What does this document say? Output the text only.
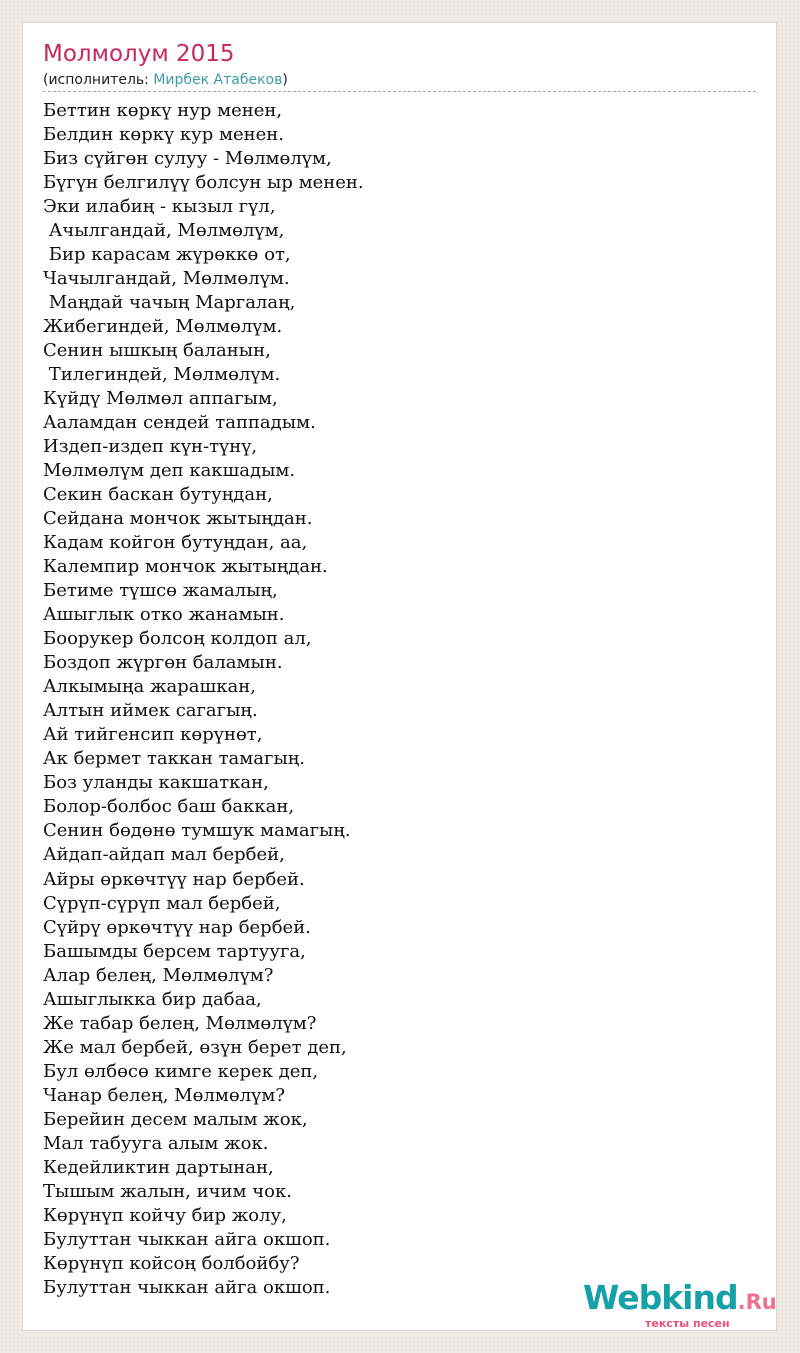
Молмолум 2015
(исполнитель: Мирбек Атабеков)
Беттин көркү нур менен,
Белдин көркү кур менен.
Биз сүйгөн сулуу - Мөлмөлүм,
Бүгүн белгилүү болсун ыр менен.
Эки илабиң - кызыл гүл,
Ачылгандай, Мөлмөлүм,
Бир карасам жүрөккө от,
Чачылгандай, Мөлмөлүм.
Маңдай чачың Маргалаң,
Жибегиндей, Мөлмөлүм.
Сенин ышкың баланын,
Тилегиндей, Мөлмөлүм.
Күйдү Мөлмөл аппагым,
Ааламдан сендей таппадым.
Издеп-издеп күн-түнү,
Мөлмөлүм деп какшадым.
Секин баскан бутуңдан,
Сейдана мончок жытыңдан.
Кадам койгон бутуңдан, аа,
Калемпир мончок жытыңдан.
Бетиме түшсө жамалың,
Ашыглык отко жанамын.
Боорукер болсоң колдоп ал,
Боздоп жүргөн баламын.
Алкымыңа жарашкан,
Алтын иймек сагагың.
Ай тийгенсип көрүнөт,
Ак бермет таккан тамагың.
Боз уланды какшаткан,
Болор-болбос баш баккан,
Сенин бөдөнө тумшук мамагың.
Айдап-айдап мал бербей,
Айры өркөчтүү нар бербей.
Сүрүп-сүрүп мал бербей,
Сүйрү өркөчтүү нар бербей.
Башымды берсем тартууга,
Алар белең, Мөлмөлүм?
Ашыглыкка бир дабаа,
Же табар белең, Мөлмөлүм?
Же мал бербей, өзүн берет деп,
Бул өлбөсө кимге керек деп,
Чанар белең, Мөлмөлүм?
Берейин десем малым жок,
Мал табууга алым жок.
Кедейликтин дартынан,
Тышым жалын, ичим чок.
Көрүнүп койчу бир жолу,
Булуттан чыккан айга окшоп.
Көрүнүп койсоң болбойбу?
Булуттан чыккан айга окшоп.	Webkind.Ru
тексты песен
